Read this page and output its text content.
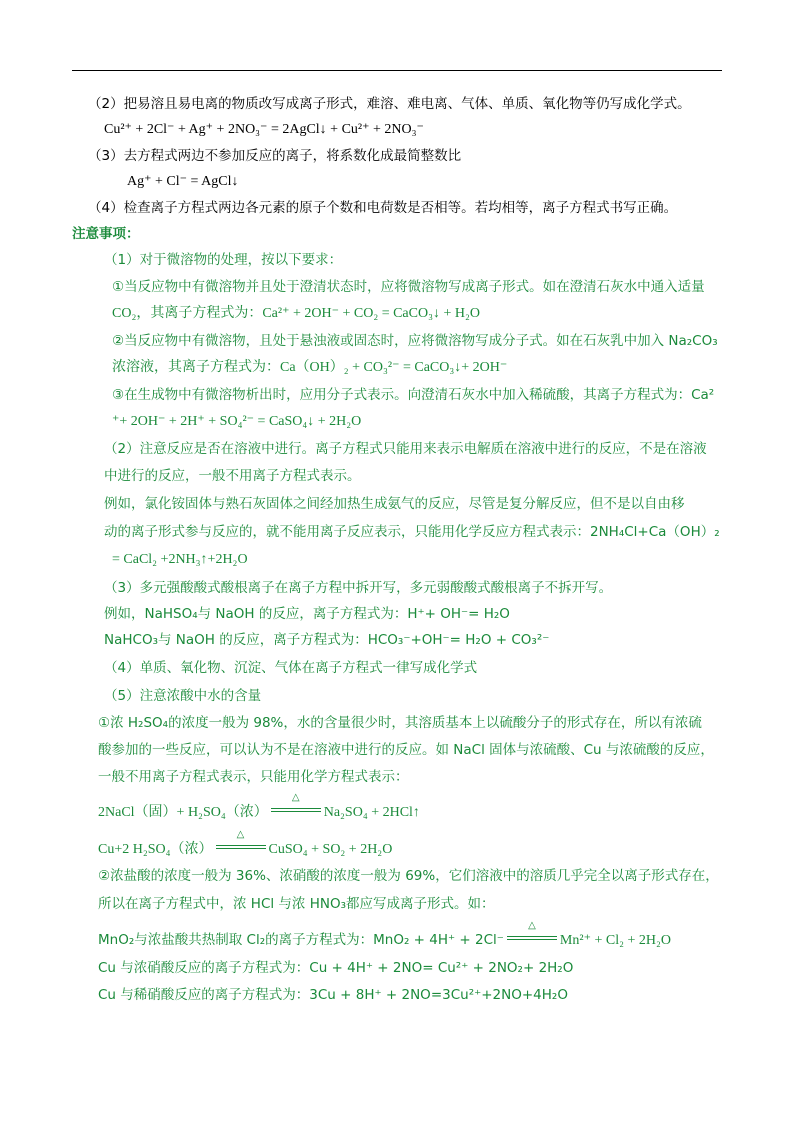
（2）把易溶且易电离的物质改写成离子形式，难溶、难电离、气体、单质、氧化物等仍写成化学式。
Cu²⁺ + 2Cl⁻ + Ag⁺ + 2NO₃⁻ = 2AgCl↓ + Cu²⁺ + 2NO₃⁻
（3）去方程式两边不参加反应的离子，将系数化成最简整数比
Ag⁺ + Cl⁻ = AgCl↓
（4）检查离子方程式两边各元素的原子个数和电荷数是否相等。若均相等，离子方程式书写正确。
注意事项：
（1）对于微溶物的处理，按以下要求：
①当反应物中有微溶物并且处于澄清状态时，应将微溶物写成离子形式。如在澄清石灰水中通入适量
CO₂，其离子方程式为：Ca²⁺ + 2OH⁻ + CO₂ = CaCO₃↓ + H₂O
②当反应物中有微溶物，且处于悬浊液或固态时，应将微溶物写成分子式。如在石灰乳中加入 Na₂CO₃
浓溶液，其离子方程式为：Ca（OH）₂ + CO₃²⁻ = CaCO₃↓+ 2OH⁻
③在生成物中有微溶物析出时，应用分子式表示。向澄清石灰水中加入稀硫酸，其离子方程式为：Ca²
⁺+ 2OH⁻ + 2H⁺ + SO₄²⁻ = CaSO₄↓ + 2H₂O
（2）注意反应是否在溶液中进行。离子方程式只能用来表示电解质在溶液中进行的反应，不是在溶液
中进行的反应，一般不用离子方程式表示。
例如，氯化铵固体与熟石灰固体之间经加热生成氨气的反应，尽管是复分解反应，但不是以自由移
动的离子形式参与反应的，就不能用离子反应表示，只能用化学反应方程式表示：2NH₄Cl+Ca（OH）₂
= CaCl₂ +2NH₃↑+2H₂O
（3）多元强酸酸式酸根离子在离子方程中拆开写，多元弱酸酸式酸根离子不拆开写。
例如，NaHSO₄与 NaOH 的反应，离子方程式为：H⁺+ OH⁻= H₂O
NaHCO₃与 NaOH 的反应，离子方程式为：HCO₃⁻+OH⁻= H₂O + CO₃²⁻
（4）单质、氧化物、沉淀、气体在离子方程式一律写成化学式
（5）注意浓酸中水的含量
①浓 H₂SO₄的浓度一般为 98%，水的含量很少时，其溶质基本上以硫酸分子的形式存在，所以有浓硫
酸参加的一些反应，可以认为不是在溶液中进行的反应。如 NaCl 固体与浓硫酸、Cu 与浓硫酸的反应，
一般不用离子方程式表示，只能用化学方程式表示：
2NaCl（固）+ H₂SO₄（浓）
△
Na₂SO₄ + 2HCl↑
Cu+2 H₂SO₄（浓）
△
CuSO₄ + SO₂ + 2H₂O
②浓盐酸的浓度一般为 36%、浓硝酸的浓度一般为 69%，它们溶液中的溶质几乎完全以离子形式存在，
所以在离子方程式中，浓 HCl 与浓 HNO₃都应写成离子形式。如：
MnO₂与浓盐酸共热制取 Cl₂的离子方程式为：MnO₂ + 4H⁺ + 2Cl⁻
△
Mn²⁺ + Cl₂ + 2H₂O
Cu 与浓硝酸反应的离子方程式为：Cu + 4H⁺ + 2NO= Cu²⁺ + 2NO₂+ 2H₂O
Cu 与稀硝酸反应的离子方程式为：3Cu + 8H⁺ + 2NO=3Cu²⁺+2NO+4H₂O
